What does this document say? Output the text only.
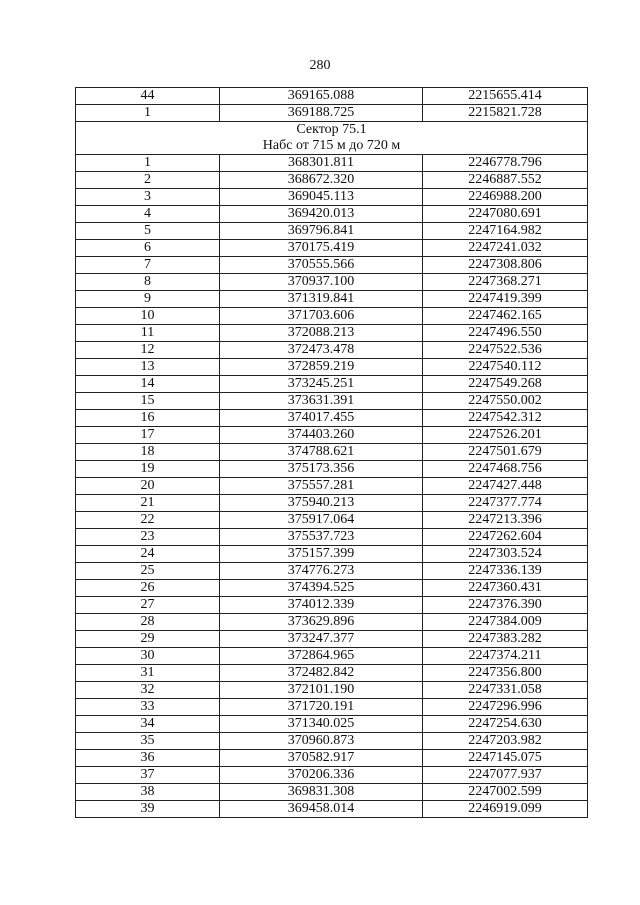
280
44	369165.088	2215655.414
1	369188.725	2215821.728

Сектор 75.1
Набс от 715 м до 720 м		

1	368301.811	2246778.796
2	368672.320	2246887.552
3	369045.113	2246988.200
4	369420.013	2247080.691
5	369796.841	2247164.982
6	370175.419	2247241.032
7	370555.566	2247308.806
8	370937.100	2247368.271
9	371319.841	2247419.399
10	371703.606	2247462.165
11	372088.213	2247496.550
12	372473.478	2247522.536
13	372859.219	2247540.112
14	373245.251	2247549.268
15	373631.391	2247550.002
16	374017.455	2247542.312
17	374403.260	2247526.201
18	374788.621	2247501.679
19	375173.356	2247468.756
20	375557.281	2247427.448
21	375940.213	2247377.774
22	375917.064	2247213.396
23	375537.723	2247262.604
24	375157.399	2247303.524
25	374776.273	2247336.139
26	374394.525	2247360.431
27	374012.339	2247376.390
28	373629.896	2247384.009
29	373247.377	2247383.282
30	372864.965	2247374.211
31	372482.842	2247356.800
32	372101.190	2247331.058
33	371720.191	2247296.996
34	371340.025	2247254.630
35	370960.873	2247203.982
36	370582.917	2247145.075
37	370206.336	2247077.937
38	369831.308	2247002.599
39	369458.014	2246919.099
